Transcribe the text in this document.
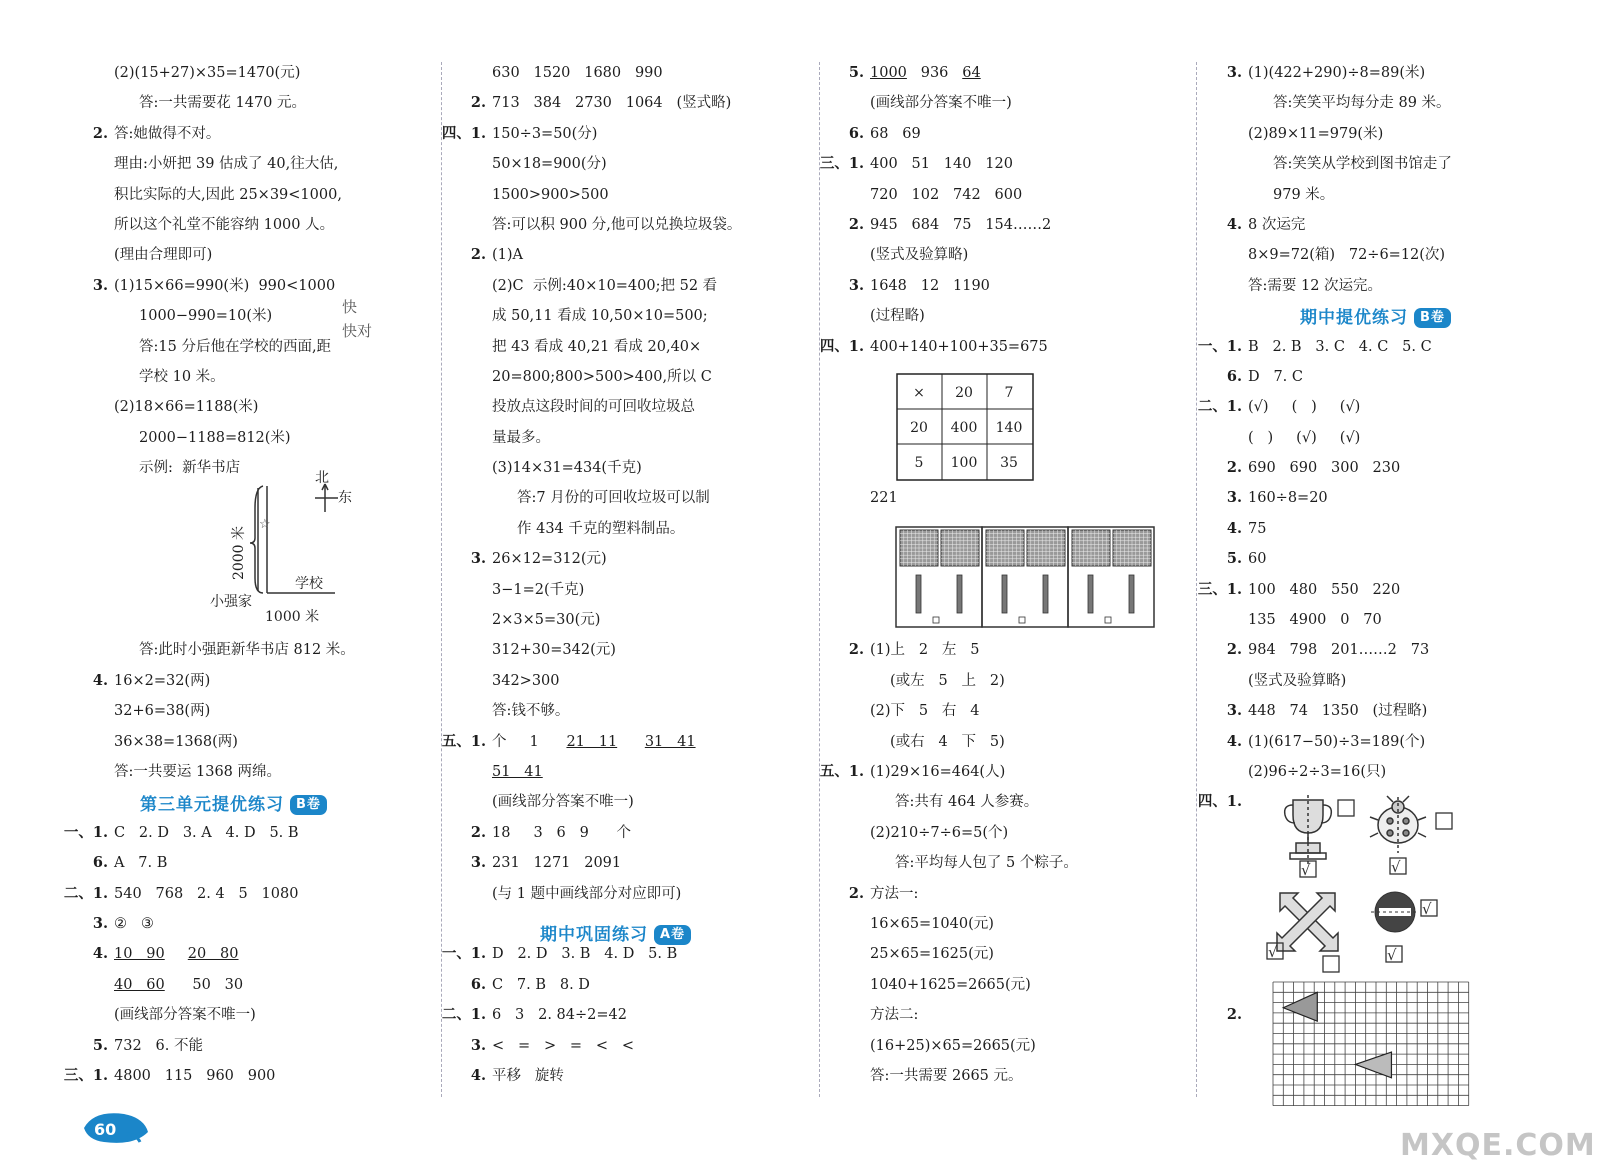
(2)(15+27)×35=1470(元)
答:一共需要花 1470 元。
2. 答:她做得不对。
理由:小妍把 39 估成了 40,往大估,
积比实际的大,因此 25×39<1000,
所以这个礼堂不能容纳 1000 人。
(理由合理即可)
3. (1)15×66=990(米)  990<1000
1000−990=10(米)
答:15 分后他在学校的西面,距
学校 10 米。
(2)18×66=1188(米)
2000−1188=812(米)
示例:  新华书店
答:此时小强距新华书店 812 米。
4. 16×2=32(两)
32+6=38(两)
36×38=1368(两)
答:一共要运 1368 两绵。
一、1. C   2. D   3. A   4. D   5. B
6. A   7. B
二、1. 540   768   2. 4   5   1080
3. ②   ③
4. 10   90 20   80
40   60      50   30
(画线部分答案不唯一)
5. 732   6. 不能
三、1. 4800   115   960   900
630   1520   1680   990
2. 713   384   2730   1064   (竖式略)
四、1. 150÷3=50(分)
50×18=900(分)
1500>900>500
答:可以积 900 分,他可以兑换垃圾袋。
2. (1)A
(2)C  示例:40×10=400;把 52 看
成 50,11 看成 10,50×10=500;
把 43 看成 40,21 看成 20,40×
20=800;800>500>400,所以 C
投放点这段时间的可回收垃圾总
量最多。
(3)14×31=434(千克)
答:7 月份的可回收垃圾可以制
作 434 千克的塑料制品。
3. 26×12=312(元)
3−1=2(千克)
2×3×5=30(元)
312+30=342(元)
342>300
答:钱不够。
五、1. 个     1      21   11 31   41
51   41
(画线部分答案不唯一)
2. 18     3   6   9      个
3. 231   1271   2091
(与 1 题中画线部分对应即可)
一、1. D   2. D   3. B   4. D   5. B
6. C   7. B   8. D
二、1. 6   3   2. 84÷2=42
3. <   =   >   =   <   <
4. 平移   旋转
5. 1000   936   64
(画线部分答案不唯一)
6. 68   69
三、1. 400   51   140   120
720   102   742   600
2. 945   684   75   154……2
(竖式及验算略)
3. 1648   12   1190
(过程略)
四、1. 400+140+100+35=675
221
2. (1)上   2   左   5
(或左   5   上   2)
(2)下   5   右   4
(或右   4   下   5)
五、1. (1)29×16=464(人)
答:共有 464 人参赛。
(2)210÷7÷6=5(个)
答:平均每人包了 5 个粽子。
2. 方法一:
16×65=1040(元)
25×65=1625(元)
1040+1625=2665(元)
方法二:
(16+25)×65=2665(元)
答:一共需要 2665 元。
3. (1)(422+290)÷8=89(米)
答:笑笑平均每分走 89 米。
(2)89×11=979(米)
答:笑笑从学校到图书馆走了
979 米。
4. 8 次运完
8×9=72(箱)   72÷6=12(次)
答:需要 12 次运完。
一、1. B   2. B   3. C   4. C   5. C
6. D   7. C
二、1. (√)     (   )     (√)
(   )     (√)     (√)
2. 690   690   300   230
3. 160÷8=20
4. 75
5. 60
三、1. 100   480   550   220
135   4900   0   70
2. 984   798   201……2   73
(竖式及验算略)
3. 448   74   1350   (过程略)
4. (1)(617−50)÷3=189(个)
(2)96÷2÷3=16(只)
四、1.
2.
第三单元提优练习 B卷
期中巩固练习 A卷
期中提优练习 B卷
快
快对
北
东
☆
2000 米
学校
小强家
1000 米
× 20 7
20 400 140
5 100 35
√	√
√
√
√
60	MXQE.COM
